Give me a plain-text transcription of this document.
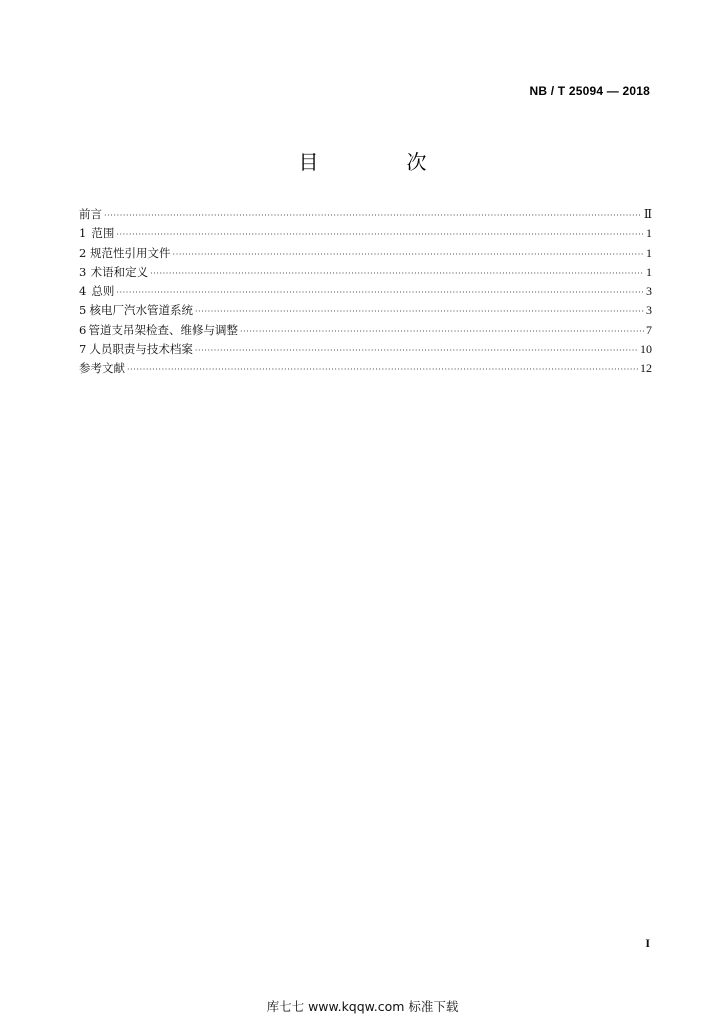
NB / T 25094 — 2018
目　次
前言 ·····	Ⅱ
1 范围 ·····	1
2 规范性引用文件 ·····	1
3 术语和定义 ·····	1
4 总则 ·····	3
5 核电厂汽水管道系统 ·····	3
6 管道支吊架检查、维修与调整 ·····	7
7 人员职责与技术档案 ·····	10
参考文献 ·····	12
I
库七七 www.kqqw.com 标准下载
